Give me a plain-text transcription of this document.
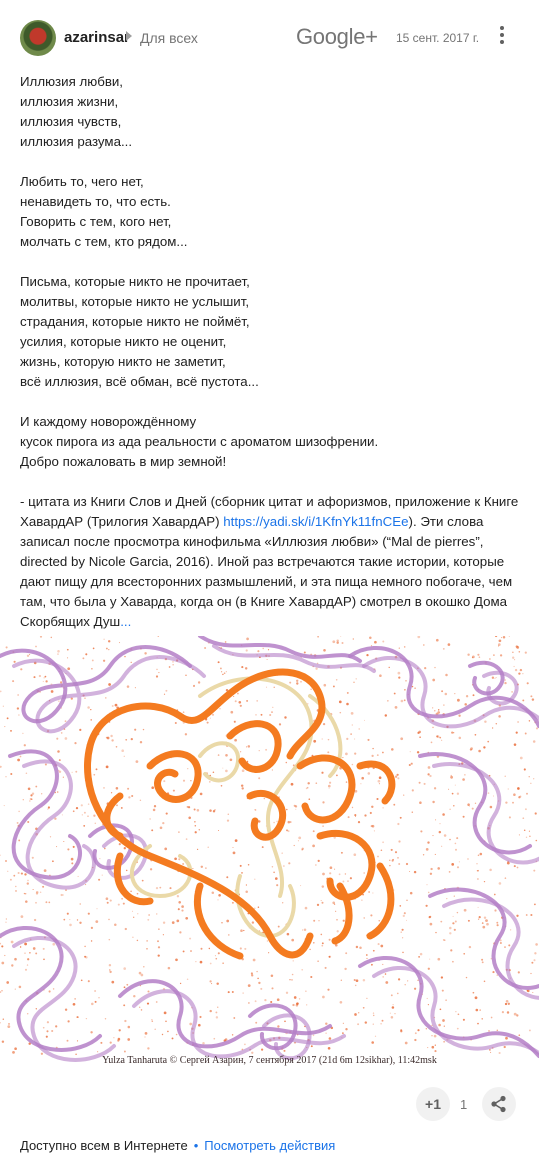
azarinsar Для всех	Google+ 15 сент. 2017 г.

Иллюзия любви,
иллюзия жизни,
иллюзия чувств,
иллюзия разума...

Любить то, чего нет,
ненавидеть то, что есть.
Говорить с тем, кого нет,
молчать с тем, кто рядом...

Письма, которые никто не прочитает,
молитвы, которые никто не услышит,
страдания, которые никто не поймёт,
усилия, которые никто не оценит,
жизнь, которую никто не заметит,
всё иллюзия, всё обман, всё пустота...

И каждому новорождённому
кусок пирога из ада реальности с ароматом шизофрении.
Добро пожаловать в мир земной!

- цитата из Книги Слов и Дней (сборник цитат и афоризмов, приложение к Книге ХавардАР (Трилогия ХавардАР) https://yadi.sk/i/1KfnYk11fnCEe). Эти слова записал после просмотра кинофильма «Иллюзия любви» (“Mal de pierres”, directed by Nicole Garcia, 2016). Иной раз встречаются такие истории, которые дают пищу для всесторонних размышлений, и эта пища немного побогаче, чем там, что была у Хаварда, когда он (в Книге ХавардАР) смотрел в окошко Дома Скорбящих Душ...

Yulza Tanharuta © Сергей Азарин, 7 сентября 2017 (21d 6m 12sikhar), 11:42msk
+1	1
Доступно всем в Интернете • Посмотреть действия
